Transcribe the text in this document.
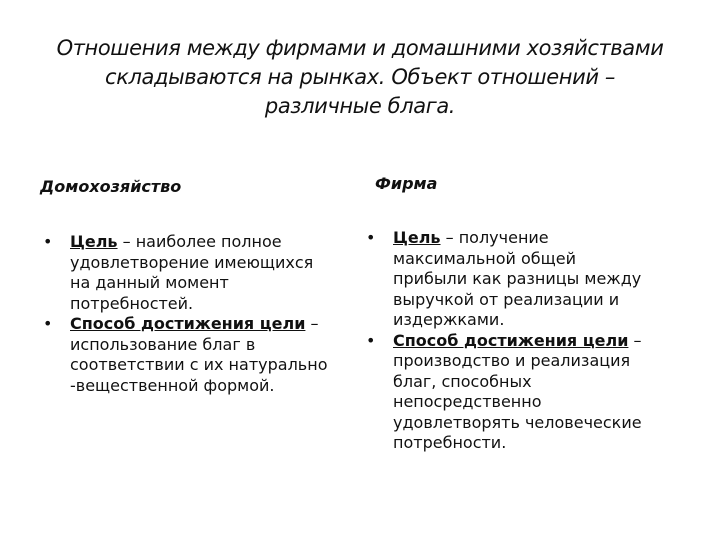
Отношения между фирмами и домашними хозяйствами
складываются на рынках. Объект отношений –
различные блага.
Домохозяйство	Фирма
• Цель – наиболее полное
удовлетворение имеющихся
на данный момент
потребностей.
• Способ достижения цели –
использование благ в
соответствии с их натурально
-вещественной формой.
• Цель – получение
максимальной общей
прибыли как разницы между
выручкой от реализации и
издержками.
• Способ достижения цели –
производство и реализация
благ, способных
непосредственно
удовлетворять человеческие
потребности.
